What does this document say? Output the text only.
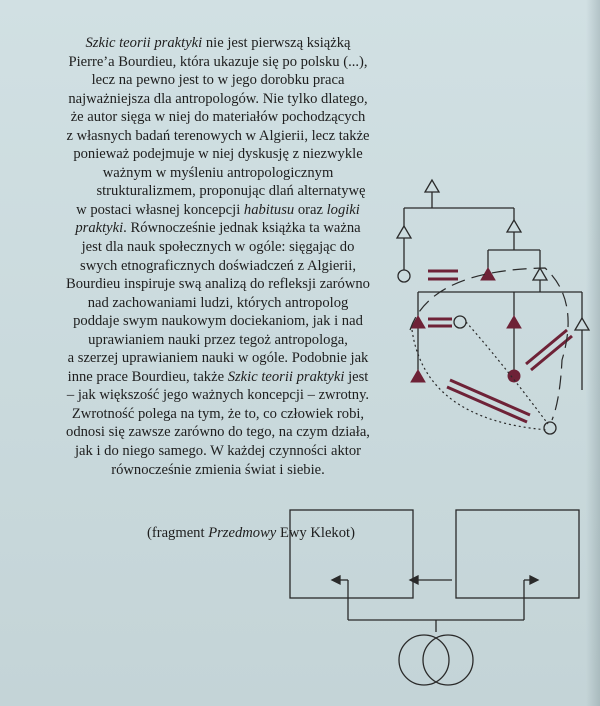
Szkic teorii praktyki nie jest pierwszą książką
Pierre’a Bourdieu, która ukazuje się po polsku (...),
lecz na pewno jest to w jego dorobku praca
najważniejsza dla antropologów. Nie tylko dlatego,
że autor sięga w niej do materiałów pochodzących
z własnych badań terenowych w Algierii, lecz także
ponieważ podejmuje w niej dyskusję z niezwykle
ważnym w myśleniu antropologicznym
strukturalizmem, proponując dlań alternatywę
w postaci własnej koncepcji habitusu oraz logiki
praktyki. Równocześnie jednak książka ta ważna
jest dla nauk społecznych w ogóle: sięgając do
swych etnograficznych doświadczeń z Algierii,
Bourdieu inspiruje swą analizą do refleksji zarówno
nad zachowaniami ludzi, których antropolog
poddaje swym naukowym dociekaniom, jak i nad
uprawianiem nauki przez tegoż antropologa,
a szerzej uprawianiem nauki w ogóle. Podobnie jak
inne prace Bourdieu, także Szkic teorii praktyki jest
– jak większość jego ważnych koncepcji – zwrotny.
Zwrotność polega na tym, że to, co człowiek robi,
odnosi się zawsze zarówno do tego, na czym działa,
jak i do niego samego. W każdej czynności aktor
równocześnie zmienia świat i siebie.
(fragment Przedmowy Ewy Klekot)
